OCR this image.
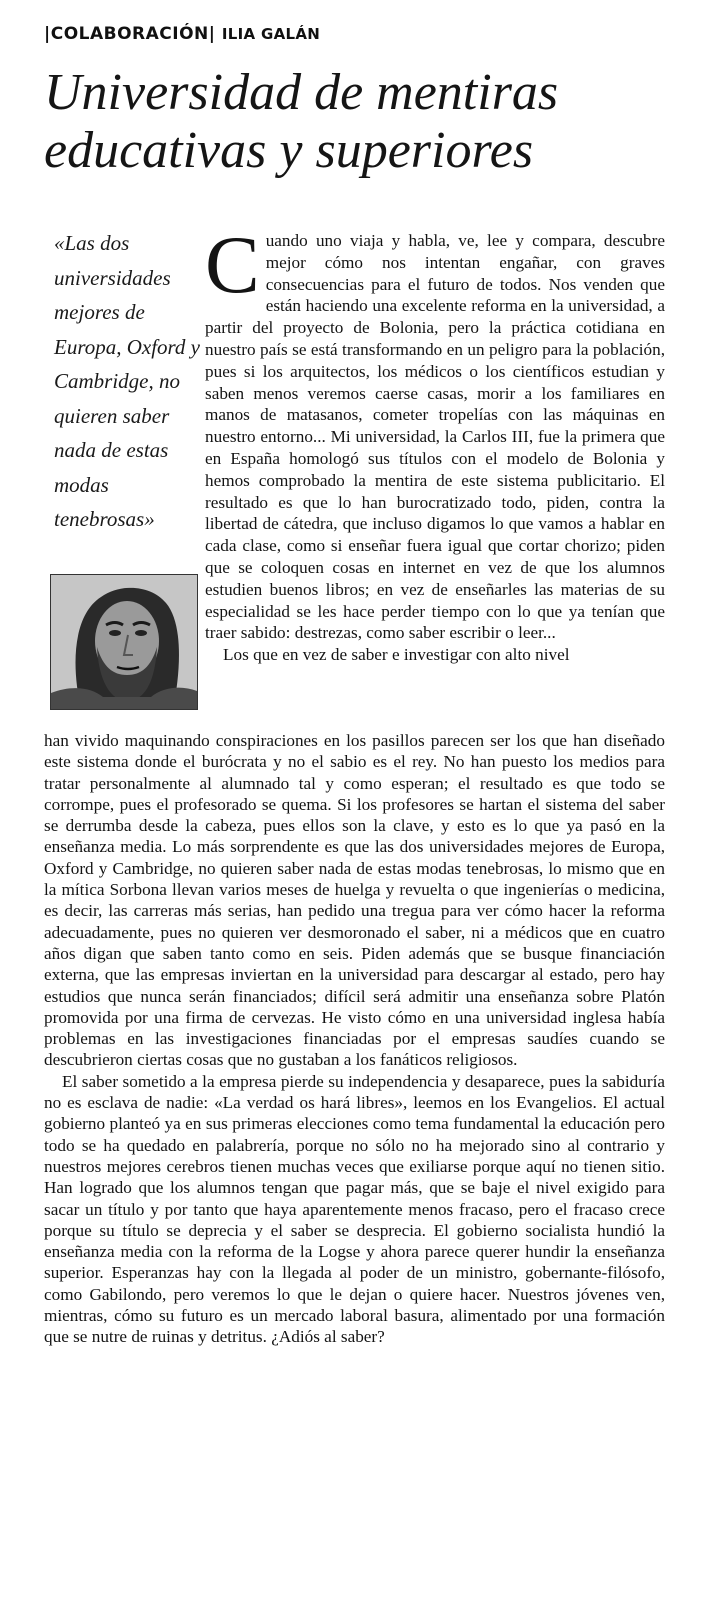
|COLABORACIÓN| ILIA GALÁN
Universidad de mentiras
educativas y superiores
«Las dos universidades mejores de Europa, Oxford y Cambridge, no quieren saber nada de estas modas tenebrosas»

Cuando uno viaja y habla, ve, lee y compara, descubre mejor cómo nos intentan engañar, con graves consecuencias para el futuro de todos. Nos venden que están haciendo una excelente reforma en la universidad, a partir del proyecto de Bolonia, pero la práctica cotidiana en nuestro país se está transformando en un peligro para la población, pues si los arquitectos, los médicos o los científicos estudian y saben menos veremos caerse casas, morir a los familiares en manos de matasanos, cometer tropelías con las máquinas en nuestro entorno... Mi universidad, la Carlos III, fue la primera que en España homologó sus títulos con el modelo de Bolonia y hemos comprobado la mentira de este sistema publicitario. El resultado es que lo han burocratizado todo, piden, contra la libertad de cátedra, que incluso digamos lo que vamos a hablar en cada clase, como si enseñar fuera igual que cortar chorizo; piden que se coloquen cosas en internet en vez de que los alumnos estudien buenos libros; en vez de enseñarles las materias de su especialidad se les hace perder tiempo con lo que ya tenían que traer sabido: destrezas, como saber escribir o leer...

Los que en vez de saber e investigar con alto nivel

han vivido maquinando conspiraciones en los pasillos parecen ser los que han diseñado este sistema donde el burócrata y no el sabio es el rey. No han puesto los medios para tratar personalmente al alumnado tal y como esperan; el resultado es que todo se corrompe, pues el profesorado se quema. Si los profesores se hartan el sistema del saber se derrumba desde la cabeza, pues ellos son la clave, y esto es lo que ya pasó en la enseñanza media. Lo más sorprendente es que las dos universidades mejores de Europa, Oxford y Cambridge, no quieren saber nada de estas modas tenebrosas, lo mismo que en la mítica Sorbona llevan varios meses de huelga y revuelta o que ingenierías o medicina, es decir, las carreras más serias, han pedido una tregua para ver cómo hacer la reforma adecuadamente, pues no quieren ver desmoronado el saber, ni a médicos que en cuatro años digan que saben tanto como en seis. Piden además que se busque financiación externa, que las empresas inviertan en la universidad para descargar al estado, pero hay estudios que nunca serán financiados; difícil será admitir una enseñanza sobre Platón promovida por una firma de cervezas. He visto cómo en una universidad inglesa había problemas en las investigaciones financiadas por el empresas saudíes cuando se descubrieron ciertas cosas que no gustaban a los fanáticos religiosos.

El saber sometido a la empresa pierde su independencia y desaparece, pues la sabiduría no es esclava de nadie: «La verdad os hará libres», leemos en los Evangelios. El actual gobierno planteó ya en sus primeras elecciones como tema fundamental la educación pero todo se ha quedado en palabrería, porque no sólo no ha mejorado sino al contrario y nuestros mejores cerebros tienen muchas veces que exiliarse porque aquí no tienen sitio. Han logrado que los alumnos tengan que pagar más, que se baje el nivel exigido para sacar un título y por tanto que haya aparentemente menos fracaso, pero el fracaso crece porque su título se deprecia y el saber se desprecia. El gobierno socialista hundió la enseñanza media con la reforma de la Logse y ahora parece querer hundir la enseñanza superior. Esperanzas hay con la llegada al poder de un ministro, gobernante-filósofo, como Gabilondo, pero veremos lo que le dejan o quiere hacer. Nuestros jóvenes ven, mientras, cómo su futuro es un mercado laboral basura, alimentado por una formación que se nutre de ruinas y detritus. ¿Adiós al saber?
